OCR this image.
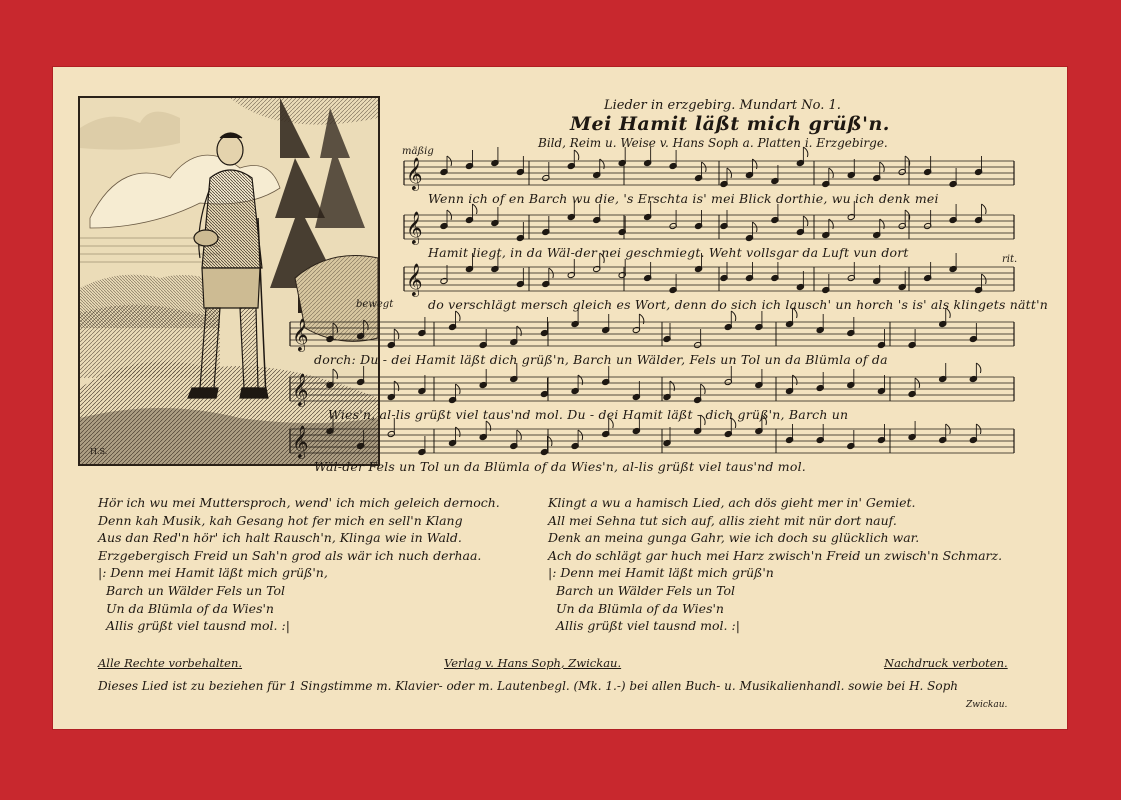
H.S.
Lieder in erzgebirg. Mundart No. 1.
Mei Hamit läßt mich grüß'n.
Bild, Reim u. Weise v. Hans Soph a. Platten i. Erzgebirge.
mäßig
bewegt
rit.
𝄞
𝄞
𝄞
𝄞
𝄞
𝄞
Wenn ich of en Barch wu die, 's Erschta is' mei Blick dorthie, wu ich denk mei
Hamit liegt, in da Wäl-der nei geschmiegt. Weht vollsgar da Luft vun dort
do verschlägt mersch gleich es Wort, denn do sich ich lausch' un horch 's is' als klingets nätt'n
dorch: Du - dei Hamit läßt dich grüß'n, Barch un Wälder, Fels un Tol un da Blümla of da
Wies'n, al-lis grüßt viel taus'nd mol. Du - dei Hamit läßt - dich grüß'n, Barch un
Wäl-der Fels un Tol un da Blümla of da Wies'n, al-lis grüßt viel taus'nd mol.
Hör ich wu mei Muttersproch, wend' ich mich geleich dernoch.
Denn kah Musik, kah Gesang hot fer mich en sell'n Klang
Aus dan Red'n hör' ich halt Rausch'n, Klinga wie in Wald.
Erzgebergisch Freid un Sah'n grod als wär ich nuch derhaa.
|: Denn mei Hamit läßt mich grüß'n,
Barch un Wälder Fels un Tol
Un da Blümla of da Wies'n
Allis grüßt viel tausnd mol. :|
Klingt a wu a hamisch Lied, ach dös gieht mer in' Gemiet.
All mei Sehna tut sich auf, allis zieht mit nür dort nauf.
Denk an meina gunga Gahr, wie ich doch su glücklich war.
Ach do schlägt gar huch mei Harz zwisch'n Freid un zwisch'n Schmarz.
|: Denn mei Hamit läßt mich grüß'n
Barch un Wälder Fels un Tol
Un da Blümla of da Wies'n
Allis grüßt viel tausnd mol. :|
Alle Rechte vorbehalten.	Verlag v. Hans Soph, Zwickau.	Nachdruck verboten.
Dieses Lied ist zu beziehen für 1 Singstimme m. Klavier- oder m. Lautenbegl. (Mk. 1.-) bei allen Buch- u. Musikalienhandl. sowie bei H. Soph
Zwickau.
